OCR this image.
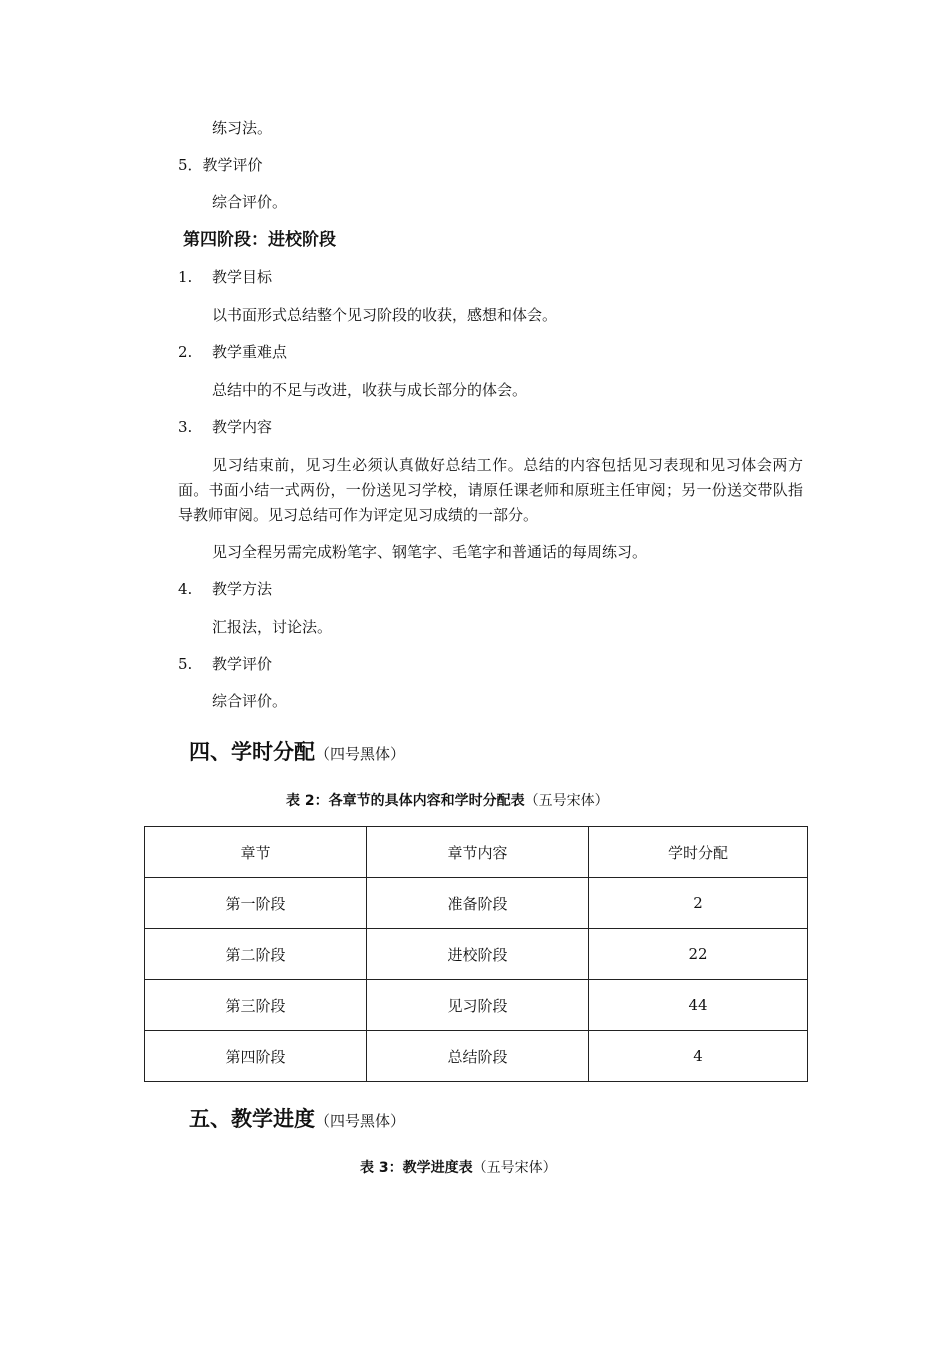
练习法。
5．教学评价
综合评价。
第四阶段：进校阶段
1. 教学目标
以书面形式总结整个见习阶段的收获，感想和体会。
2. 教学重难点
总结中的不足与改进，收获与成长部分的体会。
3. 教学内容
见习结束前，见习生必须认真做好总结工作。总结的内容包括见习表现和见习体会两方面。书面小结一式两份，一份送见习学校，请原任课老师和原班主任审阅；另一份送交带队指导教师审阅。见习总结可作为评定见习成绩的一部分。
见习全程另需完成粉笔字、钢笔字、毛笔字和普通话的每周练习。
4. 教学方法
汇报法，讨论法。
5. 教学评价
综合评价。
四、学时分配（四号黑体）
表 2：各章节的具体内容和学时分配表（五号宋体）
章节	章节内容	学时分配
第一阶段	准备阶段	2
第二阶段	进校阶段	22
第三阶段	见习阶段	44
第四阶段	总结阶段	4
五、教学进度（四号黑体）
表 3：教学进度表（五号宋体）
